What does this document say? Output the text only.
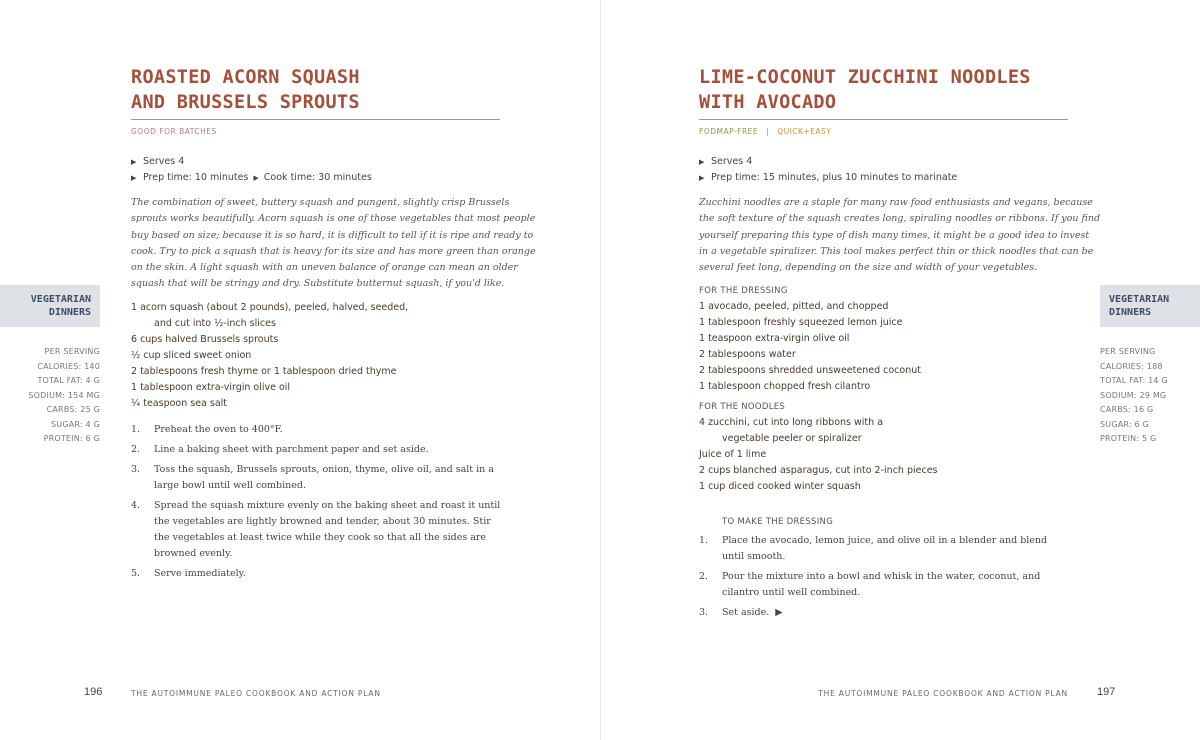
ROASTED ACORN SQUASH
AND BRUSSELS SPROUTS
GOOD FOR BATCHES
▶ Serves 4
▶ Prep time: 10 minutes ▶ Cook time: 30 minutes
The combination of sweet, buttery squash and pungent, slightly crisp Brussels
sprouts works beautifully. Acorn squash is one of those vegetables that most people
buy based on size; because it is so hard, it is difficult to tell if it is ripe and ready to
cook. Try to pick a squash that is heavy for its size and has more green than orange
on the skin. A light squash with an uneven balance of orange can mean an older
squash that will be stringy and dry. Substitute butternut squash, if you'd like.
1 acorn squash (about 2 pounds), peeled, halved, seeded,
and cut into ½-inch slices
6 cups halved Brussels sprouts
½ cup sliced sweet onion
2 tablespoons fresh thyme or 1 tablespoon dried thyme
1 tablespoon extra-virgin olive oil
¼ teaspoon sea salt
1.	Preheat the oven to 400°F.
2.	Line a baking sheet with parchment paper and set aside.
3.	Toss the squash, Brussels sprouts, onion, thyme, olive oil, and salt in a
large bowl until well combined.
4.	Spread the squash mixture evenly on the baking sheet and roast it until
the vegetables are lightly browned and tender, about 30 minutes. Stir
the vegetables at least twice while they cook so that all the sides are
browned evenly.
5.	Serve immediately.
VEGETARIAN
DINNERS
PER SERVING
CALORIES: 140
TOTAL FAT: 4 G
SODIUM: 154 MG
CARBS: 25 G
SUGAR: 4 G
PROTEIN: 6 G
196	THE AUTOIMMUNE PALEO COOKBOOK AND ACTION PLAN
LIME-COCONUT ZUCCHINI NOODLES
WITH AVOCADO
FODMAP-FREE | QUICK+EASY
▶ Serves 4
▶ Prep time: 15 minutes, plus 10 minutes to marinate
Zucchini noodles are a staple for many raw food enthusiasts and vegans, because
the soft texture of the squash creates long, spiraling noodles or ribbons. If you find
yourself preparing this type of dish many times, it might be a good idea to invest
in a vegetable spiralizer. This tool makes perfect thin or thick noodles that can be
several feet long, depending on the size and width of your vegetables.
FOR THE DRESSING
1 avocado, peeled, pitted, and chopped
1 tablespoon freshly squeezed lemon juice
1 teaspoon extra-virgin olive oil
2 tablespoons water
2 tablespoons shredded unsweetened coconut
1 tablespoon chopped fresh cilantro
FOR THE NOODLES
4 zucchini, cut into long ribbons with a
vegetable peeler or spiralizer
Juice of 1 lime
2 cups blanched asparagus, cut into 2-inch pieces
1 cup diced cooked winter squash
TO MAKE THE DRESSING
1.	Place the avocado, lemon juice, and olive oil in a blender and blend
until smooth.
2.	Pour the mixture into a bowl and whisk in the water, coconut, and
cilantro until well combined.
3.	Set aside. ▶
VEGETARIAN
DINNERS
PER SERVING
CALORIES: 188
TOTAL FAT: 14 G
SODIUM: 29 MG
CARBS: 16 G
SUGAR: 6 G
PROTEIN: 5 G
THE AUTOIMMUNE PALEO COOKBOOK AND ACTION PLAN	197
